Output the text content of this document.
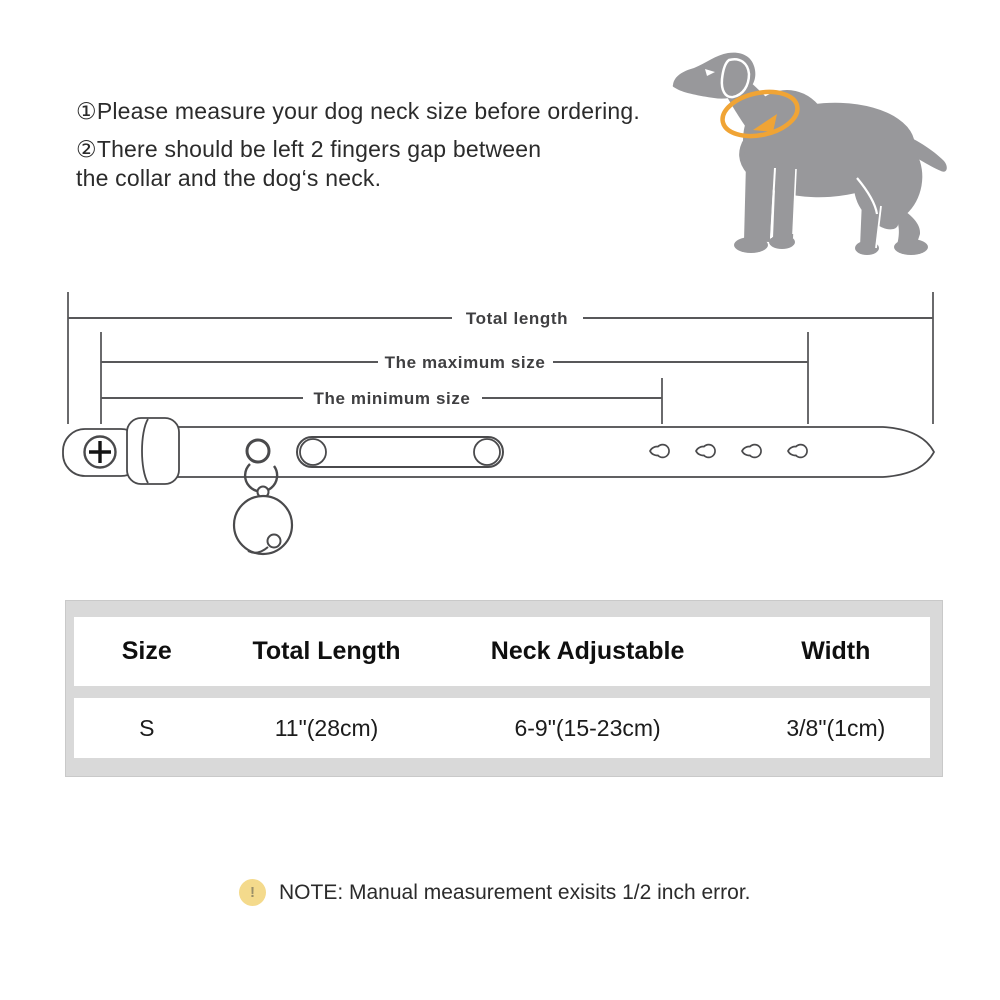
①Please measure your dog neck size before ordering.

②There should be left 2 fingers gap between

the collar and the dog‘s neck.

Total length
The maximum size
The minimum size
Size	Total Length	Neck Adjustable	Width
S	11"(28cm)	6-9"(15-23cm)	3/8"(1cm)
! NOTE: Manual measurement exisits 1/2 inch error.
